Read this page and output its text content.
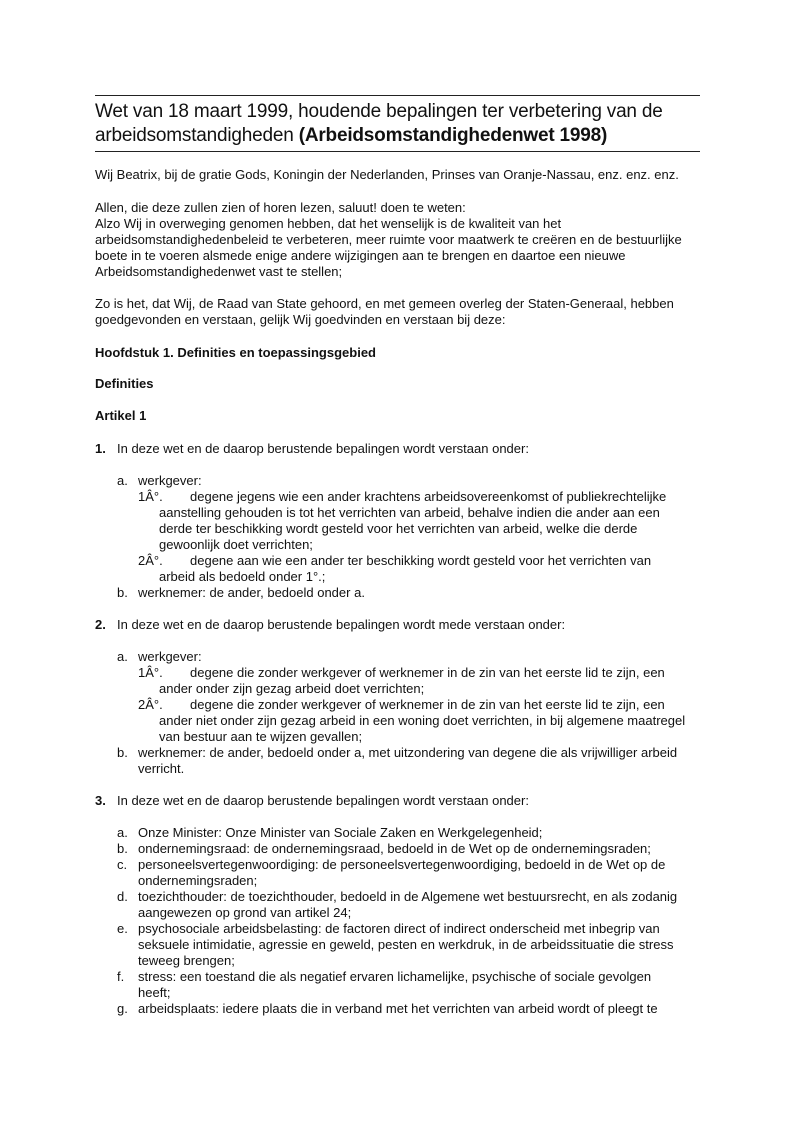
Wet van 18 maart 1999, houdende bepalingen ter verbetering van de
arbeidsomstandigheden (Arbeidsomstandighedenwet 1998)
Wij Beatrix, bij de gratie Gods, Koningin der Nederlanden, Prinses van Oranje-Nassau, enz. enz. enz.
Allen, die deze zullen zien of horen lezen, saluut! doen te weten:
Alzo Wij in overweging genomen hebben, dat het wenselijk is de kwaliteit van het
arbeidsomstandighedenbeleid te verbeteren, meer ruimte voor maatwerk te creëren en de bestuurlijke
boete in te voeren alsmede enige andere wijzigingen aan te brengen en daartoe een nieuwe
Arbeidsomstandighedenwet vast te stellen;
Zo is het, dat Wij, de Raad van State gehoord, en met gemeen overleg der Staten-Generaal, hebben
goedgevonden en verstaan, gelijk Wij goedvinden en verstaan bij deze:
Hoofdstuk 1. Definities en toepassingsgebied
Definities
Artikel 1
1. In deze wet en de daarop berustende bepalingen wordt verstaan onder:
a. werkgever:
1Â°. degene jegens wie een ander krachtens arbeidsovereenkomst of publiekrechtelijke
aanstelling gehouden is tot het verrichten van arbeid, behalve indien die ander aan een
derde ter beschikking wordt gesteld voor het verrichten van arbeid, welke die derde
gewoonlijk doet verrichten;
2Â°. degene aan wie een ander ter beschikking wordt gesteld voor het verrichten van
arbeid als bedoeld onder 1°.;
b. werknemer: de ander, bedoeld onder a.
2. In deze wet en de daarop berustende bepalingen wordt mede verstaan onder:
a. werkgever:
1Â°. degene die zonder werkgever of werknemer in de zin van het eerste lid te zijn, een
ander onder zijn gezag arbeid doet verrichten;
2Â°. degene die zonder werkgever of werknemer in de zin van het eerste lid te zijn, een
ander niet onder zijn gezag arbeid in een woning doet verrichten, in bij algemene maatregel
van bestuur aan te wijzen gevallen;
b. werknemer: de ander, bedoeld onder a, met uitzondering van degene die als vrijwilliger arbeid
verricht.
3. In deze wet en de daarop berustende bepalingen wordt verstaan onder:
a. Onze Minister: Onze Minister van Sociale Zaken en Werkgelegenheid;
b. ondernemingsraad: de ondernemingsraad, bedoeld in de Wet op de ondernemingsraden;
c. personeelsvertegenwoordiging: de personeelsvertegenwoordiging, bedoeld in de Wet op de
ondernemingsraden;
d. toezichthouder: de toezichthouder, bedoeld in de Algemene wet bestuursrecht, en als zodanig
aangewezen op grond van artikel 24;
e. psychosociale arbeidsbelasting: de factoren direct of indirect onderscheid met inbegrip van
seksuele intimidatie, agressie en geweld, pesten en werkdruk, in de arbeidssituatie die stress
teweeg brengen;
f. stress: een toestand die als negatief ervaren lichamelijke, psychische of sociale gevolgen
heeft;
g. arbeidsplaats: iedere plaats die in verband met het verrichten van arbeid wordt of pleegt te
